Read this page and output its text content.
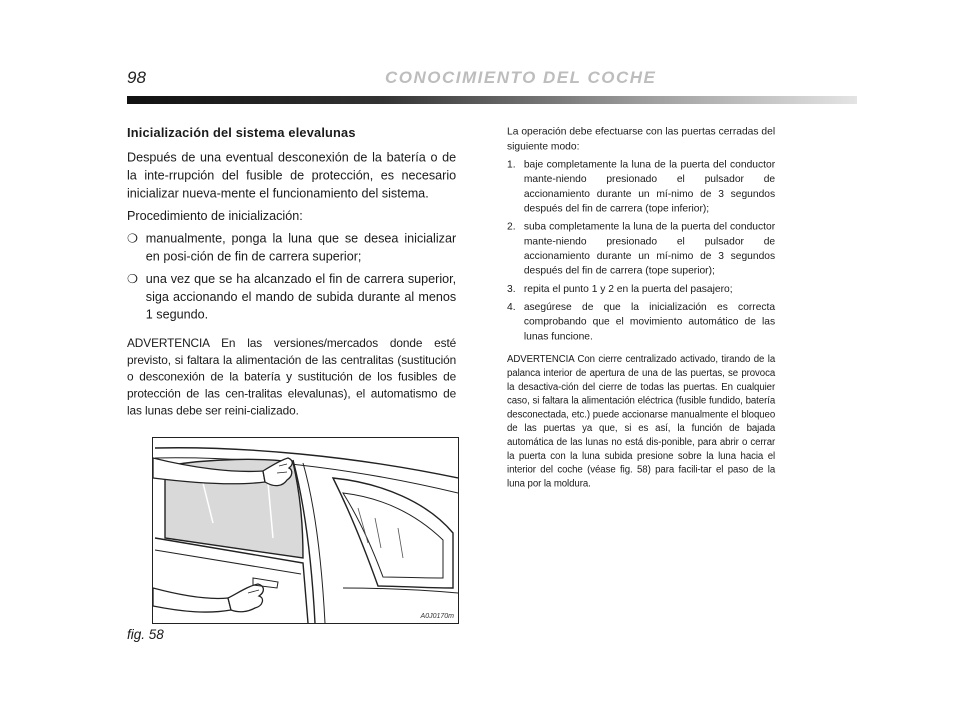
98	CONOCIMIENTO DEL COCHE
Inicialización del sistema elevalunas

Después de una eventual desconexión de la batería o de la inte-rrupción del fusible de protección, es necesario inicializar nueva-mente el funcionamiento del sistema.

Procedimiento de inicialización:

❍ manualmente, ponga la luna que se desea inicializar en posi-ción de fin de carrera superior;
❍ una vez que se ha alcanzado el fin de carrera superior, siga accionando el mando de subida durante al menos 1 segundo.

ADVERTENCIA En las versiones/mercados donde esté previsto, si faltara la alimentación de las centralitas (sustitución o desconexión de la batería y sustitución de los fusibles de protección de las cen-tralitas elevalunas), el automatismo de las lunas debe ser reini-cializado.

A0J0170m
fig. 58

La operación debe efectuarse con las puertas cerradas del siguiente modo:

1. baje completamente la luna de la puerta del conductor mante-niendo presionado el pulsador de accionamiento durante un mí-nimo de 3 segundos después del fin de carrera (tope inferior);
2. suba completamente la luna de la puerta del conductor mante-niendo presionado el pulsador de accionamiento durante un mí-nimo de 3 segundos después del fin de carrera (tope superior);
3. repita el punto 1 y 2 en la puerta del pasajero;
4. asegúrese de que la inicialización es correcta comprobando que el movimiento automático de las lunas funcione.

ADVERTENCIA Con cierre centralizado activado, tirando de la palanca interior de apertura de una de las puertas, se provoca la desactiva-ción del cierre de todas las puertas. En cualquier caso, si faltara la alimentación eléctrica (fusible fundido, batería desconectada, etc.) puede accionarse manualmente el bloqueo de las puertas ya que, si es así, la función de bajada automática de las lunas no está dis-ponible, para abrir o cerrar la puerta con la luna subida presione sobre la luna hacia el interior del coche (véase fig. 58) para facili-tar el paso de la luna por la moldura.
